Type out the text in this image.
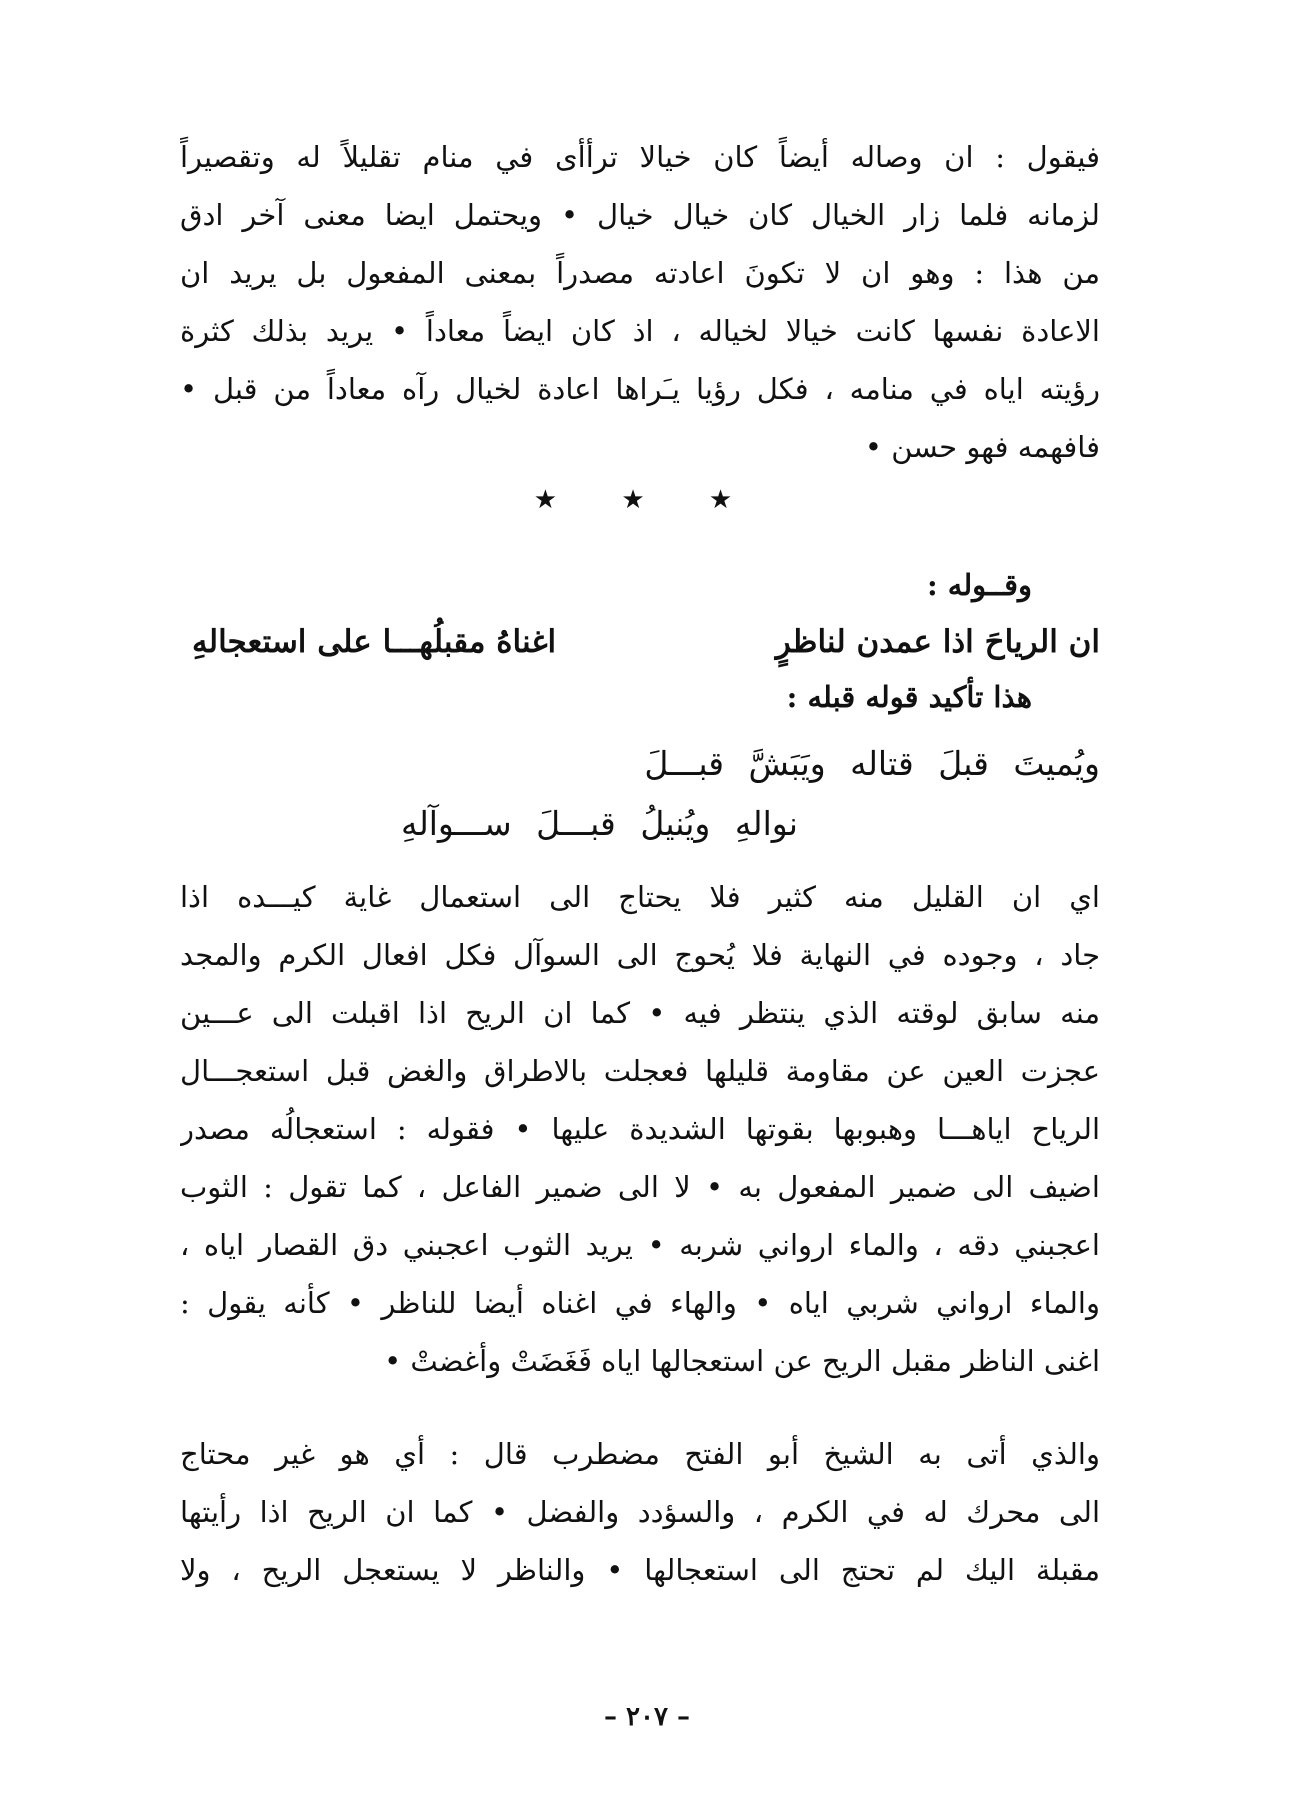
فيقول : ان وصاله أيضاً كان خيالا ترأأى في منام تقليلاً له وتقصيراً
لزمانه فلما زار الخيال كان خيال خيال • ويحتمل ايضا معنى آخر ادق
من هذا : وهو ان لا تكونَ اعادته مصدراً بمعنى المفعول بل يريد ان
الاعادة نفسها كانت خيالا لخياله ، اذ كان ايضاً معاداً • يريد بذلك كثرة
رؤيته اياه في منامه ، فكل رؤيا يـَراها اعادة لخيال رآه معاداً من قبل •
فافهمه فهو حسن •
★ ★ ★
وقــوله :
ان الرياحَ اذا عمدن لناظرٍ
اغناهُ مقبلُهـــا على استعجالهِ
هذا تأكيد قوله قبله :
ويُميتَ قبلَ قتاله ويَبَشَّ قبـــلَ
نوالهِ ويُنيلُ قبـــلَ ســـوآلهِ
اي ان القليل منه كثير فلا يحتاج الى استعمال غاية كيـــده اذا
جاد ، وجوده في النهاية فلا يُحوج الى السوآل فكل افعال الكرم والمجد
منه سابق لوقته الذي ينتظر فيه • كما ان الريح اذا اقبلت الى عـــين
عجزت العين عن مقاومة قليلها فعجلت بالاطراق والغض قبل استعجـــال
الرياح اياهـــا وهبوبها بقوتها الشديدة عليها • فقوله : استعجالُه مصدر
اضيف الى ضمير المفعول به • لا الى ضمير الفاعل ، كما تقول : الثوب
اعجبني دقه ، والماء ارواني شربه • يريد الثوب اعجبني دق القصار اياه ،
والماء ارواني شربي اياه • والهاء في اغناه أيضا للناظر • كأنه يقول :
اغنى الناظر مقبل الريح عن استعجالها اياه فَغَضَتْ وأغضتْ •
والذي أتى به الشيخ أبو الفتح مضطرب قال : أي هو غير محتاج
الى محرك له في الكرم ، والسؤدد والفضل • كما ان الريح اذا رأيتها
مقبلة اليك لم تحتج الى استعجالها • والناظر لا يستعجل الريح ، ولا
– ٢٠٧ –
